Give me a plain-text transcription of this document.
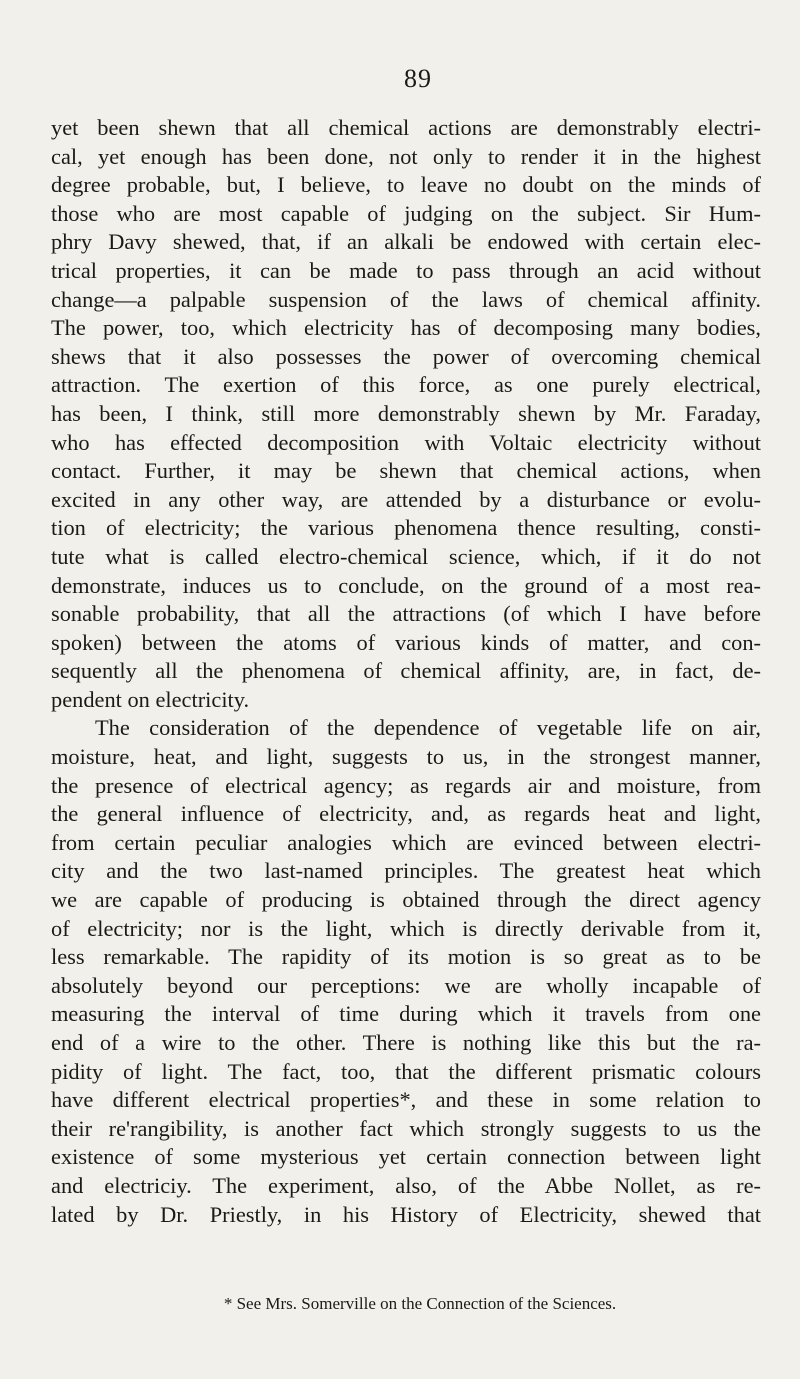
89
yet been shewn that all chemical actions are demonstrably electri-
cal, yet enough has been done, not only to render it in the highest
degree probable, but, I believe, to leave no doubt on the minds of
those who are most capable of judging on the subject. Sir Hum-
phry Davy shewed, that, if an alkali be endowed with certain elec-
trical properties, it can be made to pass through an acid without
change—a palpable suspension of the laws of chemical affinity.
The power, too, which electricity has of decomposing many bodies,
shews that it also possesses the power of overcoming chemical
attraction. The exertion of this force, as one purely electrical,
has been, I think, still more demonstrably shewn by Mr. Faraday,
who has effected decomposition with Voltaic electricity without
contact. Further, it may be shewn that chemical actions, when
excited in any other way, are attended by a disturbance or evolu-
tion of electricity; the various phenomena thence resulting, consti-
tute what is called electro-chemical science, which, if it do not
demonstrate, induces us to conclude, on the ground of a most rea-
sonable probability, that all the attractions (of which I have before
spoken) between the atoms of various kinds of matter, and con-
sequently all the phenomena of chemical affinity, are, in fact, de-
pendent on electricity.
The consideration of the dependence of vegetable life on air,
moisture, heat, and light, suggests to us, in the strongest manner,
the presence of electrical agency; as regards air and moisture, from
the general influence of electricity, and, as regards heat and light,
from certain peculiar analogies which are evinced between electri-
city and the two last-named principles. The greatest heat which
we are capable of producing is obtained through the direct agency
of electricity; nor is the light, which is directly derivable from it,
less remarkable. The rapidity of its motion is so great as to be
absolutely beyond our perceptions: we are wholly incapable of
measuring the interval of time during which it travels from one
end of a wire to the other. There is nothing like this but the ra-
pidity of light. The fact, too, that the different prismatic colours
have different electrical properties*, and these in some relation to
their re'rangibility, is another fact which strongly suggests to us the
existence of some mysterious yet certain connection between light
and electriciy. The experiment, also, of the Abbe Nollet, as re-
lated by Dr. Priestly, in his History of Electricity, shewed that
* See Mrs. Somerville on the Connection of the Sciences.
